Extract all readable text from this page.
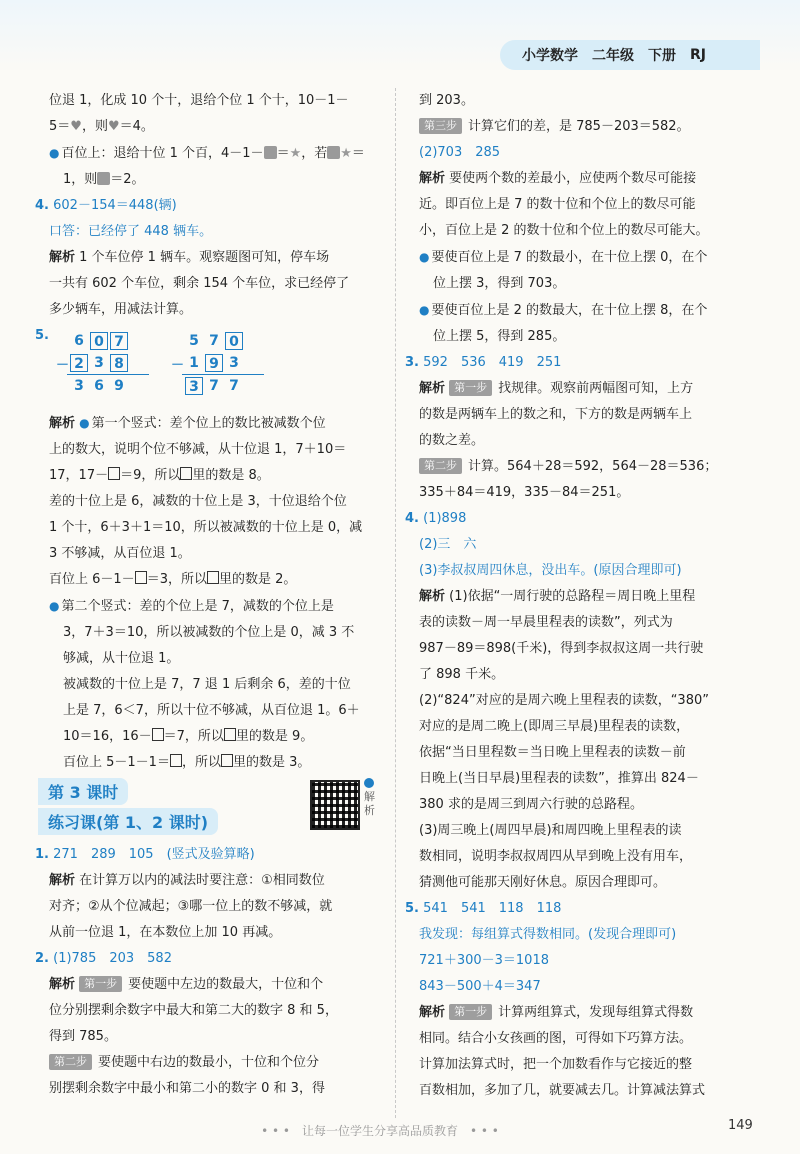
小学数学 二年级 下册 RJ
位退 1，化成 10 个十，退给个位 1 个十，10－1－
5＝♥，则♥＝4。
● 百位上：退给十位 1 个百，4－1－ ＝★，若 ★＝
1，则 ＝2。
4. 602－154＝448(辆)
口答：已经停了 448 辆车。
解析 1 个车位停 1 辆车。观察题图可知，停车场
一共有 602 个车位，剩余 154 个车位，求已经停了
多少辆车，用减法计算。
5.	6 0 7
－ 2 3 8
3 6 9
5 7 0
－ 1 9 3
3 7 7
解析 ● 第一个竖式：差个位上的数比被减数个位
上的数大，说明个位不够减，从十位退 1，7＋10＝
17，17－ ＝9，所以 里的数是 8。
差的十位上是 6，减数的十位上是 3，十位退给个位
1 个十，6＋3＋1＝10，所以被减数的十位上是 0，减
3 不够减，从百位退 1。
百位上 6－1－ ＝3，所以 里的数是 2。
● 第二个竖式：差的个位上是 7，减数的个位上是
3，7＋3＝10，所以被减数的个位上是 0，减 3 不
够减，从十位退 1。
被减数的十位上是 7，7 退 1 后剩余 6，差的十位
上是 7，6＜7，所以十位不够减，从百位退 1。6＋
10＝16，16－ ＝7，所以 里的数是 9。
百位上 5－1－1＝ ，所以 里的数是 3。
第 3 课时
练习课(第 1、2 课时)
解析
1. 271　289　105　(竖式及验算略)
解析 在计算万以内的减法时要注意：①相同数位
对齐；②从个位减起；③哪一位上的数不够减，就
从前一位退 1，在本数位上加 10 再减。
2. (1)785　203　582
解析 第一步 要使题中左边的数最大，十位和个
位分别摆剩余数字中最大和第二大的数字 8 和 5，
得到 785。
第二步 要使题中右边的数最小，十位和个位分
别摆剩余数字中最小和第二小的数字 0 和 3，得
到 203。
第三步 计算它们的差，是 785－203＝582。
(2)703　285
解析 要使两个数的差最小，应使两个数尽可能接
近。即百位上是 7 的数十位和个位上的数尽可能
小，百位上是 2 的数十位和个位上的数尽可能大。
● 要使百位上是 7 的数最小，在十位上摆 0，在个
位上摆 3，得到 703。
● 要使百位上是 2 的数最大，在十位上摆 8，在个
位上摆 5，得到 285。
3. 592　536　419　251
解析 第一步 找规律。观察前两幅图可知，上方
的数是两辆车上的数之和，下方的数是两辆车上
的数之差。
第二步 计算。564＋28＝592，564－28＝536；
335＋84＝419，335－84＝251。
4. (1)898
(2)三　六
(3)李叔叔周四休息，没出车。(原因合理即可)
解析 (1)依据“一周行驶的总路程＝周日晚上里程
表的读数－周一早晨里程表的读数”，列式为
987－89＝898(千米)，得到李叔叔这周一共行驶
了 898 千米。
(2)“824”对应的是周六晚上里程表的读数，“380”
对应的是周二晚上(即周三早晨)里程表的读数，
依据“当日里程数＝当日晚上里程表的读数－前
日晚上(当日早晨)里程表的读数”，推算出 824－
380 求的是周三到周六行驶的总路程。
(3)周三晚上(周四早晨)和周四晚上里程表的读
数相同，说明李叔叔周四从早到晚上没有用车，
猜测他可能那天刚好休息。原因合理即可。
5. 541　541　118　118
我发现：每组算式得数相同。(发现合理即可)
721＋300－3＝1018
843－500＋4＝347
解析 第一步 计算两组算式，发现每组算式得数
相同。结合小女孩画的图，可得如下巧算方法。
计算加法算式时，把一个加数看作与它接近的整
百数相加，多加了几，就要减去几。计算减法算式
• • •　让每一位学生分享高品质教育　• • •	149
